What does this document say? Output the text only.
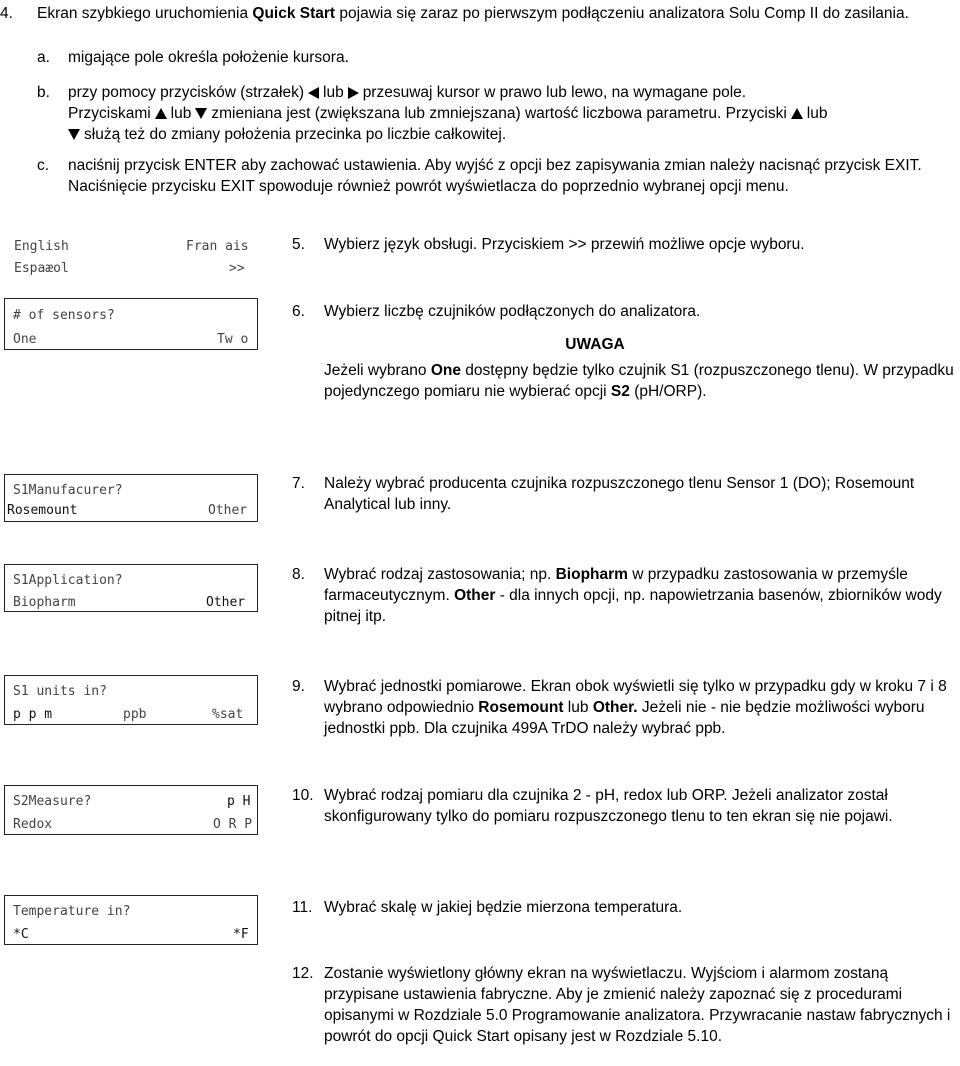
4.	Ekran szybkiego uruchomienia Quick Start pojawia się zaraz po pierwszym podłączeniu analizatora Solu Comp II do zasilania.
a.	migające pole określa położenie kursora.
b.	przy pomocy przycisków (strzałek) lub przesuwaj kursor w prawo lub lewo, na wymagane pole.
Przyciskami lub zmieniana jest (zwiększana lub zmniejszana) wartość liczbowa parametru. Przyciski lub
służą też do zmiany położenia przecinka po liczbie całkowitej.
c.	naciśnij przycisk ENTER aby zachować ustawienia. Aby wyjść z opcji bez zapisywania zmian należy nacisnąć przycisk EXIT. Naciśnięcie przycisku EXIT spowoduje również powrót wyświetlacza do poprzednio wybranej opcji menu.
English	Fran ais
Espaæol	>>
5.	Wybierz język obsługi. Przyciskiem >> przewiń możliwe opcje wyboru.
# of sensors?
One	Tw o
6.	Wybierz liczbę czujników podłączonych do analizatora.
UWAGA
Jeżeli wybrano One dostępny będzie tylko czujnik S1 (rozpuszczonego tlenu). W przypadku pojedynczego pomiaru nie wybierać opcji S2 (pH/ORP).
S1Manufacurer?
Rosemount	Other
7.	Należy wybrać producenta czujnika rozpuszczonego tlenu Sensor 1 (DO); Rosemount Analytical lub inny.
S1Application?
Biopharm	Other
8.	Wybrać rodzaj zastosowania; np. Biopharm w przypadku zastosowania w przemyśle farmaceutycznym. Other - dla innych opcji, np. napowietrzania basenów, zbiorników wody pitnej itp.
S1 units in?
p p m	ppb	%sat
9.	Wybrać jednostki pomiarowe. Ekran obok wyświetli się tylko w przypadku gdy w kroku 7 i 8 wybrano odpowiednio Rosemount lub Other. Jeżeli nie - nie będzie możliwości wyboru jednostki ppb. Dla czujnika 499A TrDO należy wybrać ppb.
S2Measure?	p H
Redox	O R P
10. Wybrać rodzaj pomiaru dla czujnika 2 - pH, redox lub ORP. Jeżeli analizator został skonfigurowany tylko do pomiaru rozpuszczonego tlenu to ten ekran się nie pojawi.
Temperature in?
*C	*F
11. Wybrać skalę w jakiej będzie mierzona temperatura.
12. Zostanie wyświetlony główny ekran na wyświetlaczu. Wyjściom i alarmom zostaną przypisane ustawienia fabryczne. Aby je zmienić należy zapoznać się z procedurami opisanymi w Rozdziale 5.0 Programowanie analizatora. Przywracanie nastaw fabrycznych i powrót do opcji Quick Start opisany jest w Rozdziale 5.10.
